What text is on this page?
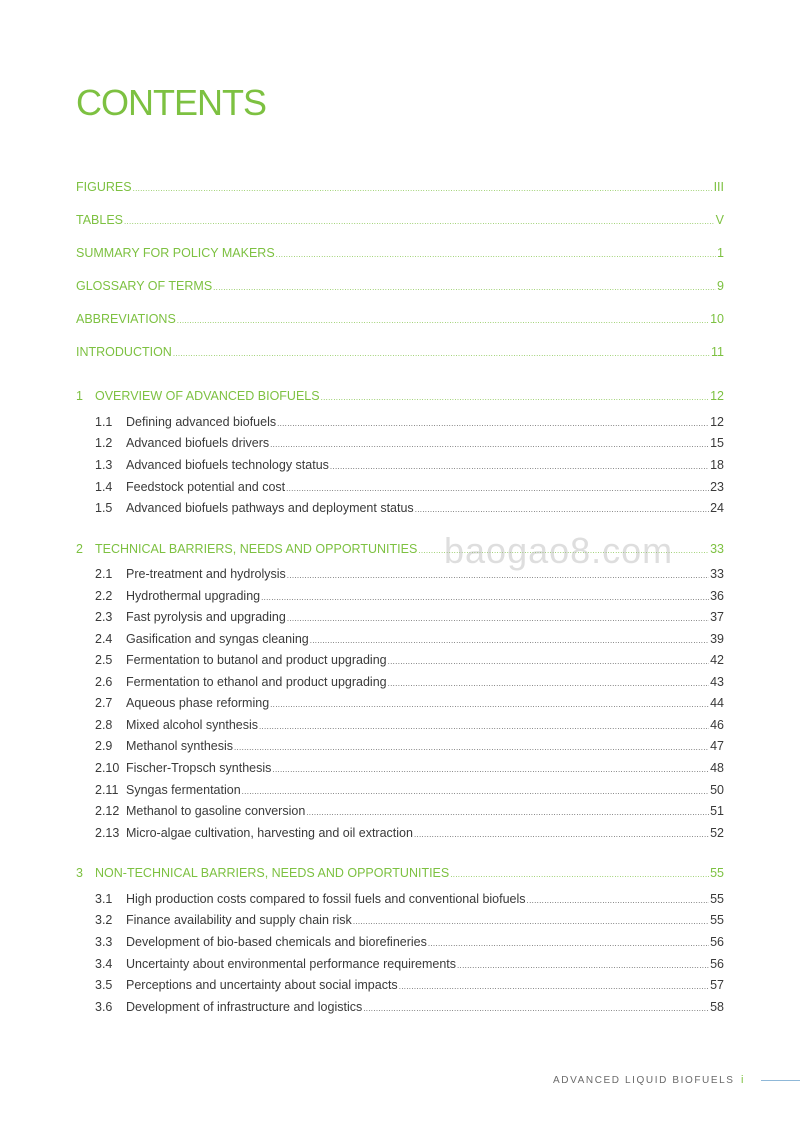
CONTENTS
FIGURES .....	III
TABLES .....	V
SUMMARY FOR POLICY MAKERS .....	1
GLOSSARY OF TERMS .....	9
ABBREVIATIONS .....	10
INTRODUCTION .....	11
1 OVERVIEW OF ADVANCED BIOFUELS .....	12
1.1	Defining advanced biofuels .....	12
1.2	Advanced biofuels drivers .....	15
1.3	Advanced biofuels technology status .....	18
1.4	Feedstock potential and cost .....	23
1.5	Advanced biofuels pathways and deployment status .....	24
2 TECHNICAL BARRIERS, NEEDS AND OPPORTUNITIES .....	33
2.1	Pre-treatment and hydrolysis .....	33
2.2	Hydrothermal upgrading .....	36
2.3	Fast pyrolysis and upgrading .....	37
2.4	Gasification and syngas cleaning .....	39
2.5	Fermentation to butanol and product upgrading .....	42
2.6	Fermentation to ethanol and product upgrading .....	43
2.7	Aqueous phase reforming .....	44
2.8	Mixed alcohol synthesis .....	46
2.9	Methanol synthesis .....	47
2.10 Fischer-Tropsch synthesis .....	48
2.11 Syngas fermentation .....	50
2.12 Methanol to gasoline conversion .....	51
2.13 Micro-algae cultivation, harvesting and oil extraction .....	52
3 NON-TECHNICAL BARRIERS, NEEDS AND OPPORTUNITIES .....	55
3.1	High production costs compared to fossil fuels and conventional biofuels .....	55
3.2	Finance availability and supply chain risk .....	55
3.3	Development of bio-based chemicals and biorefineries .....	56
3.4	Uncertainty about environmental performance requirements .....	56
3.5	Perceptions and uncertainty about social impacts .....	57
3.6	Development of infrastructure and logistics .....	58
baogao8.com
ADVANCED LIQUID BIOFUELS i
